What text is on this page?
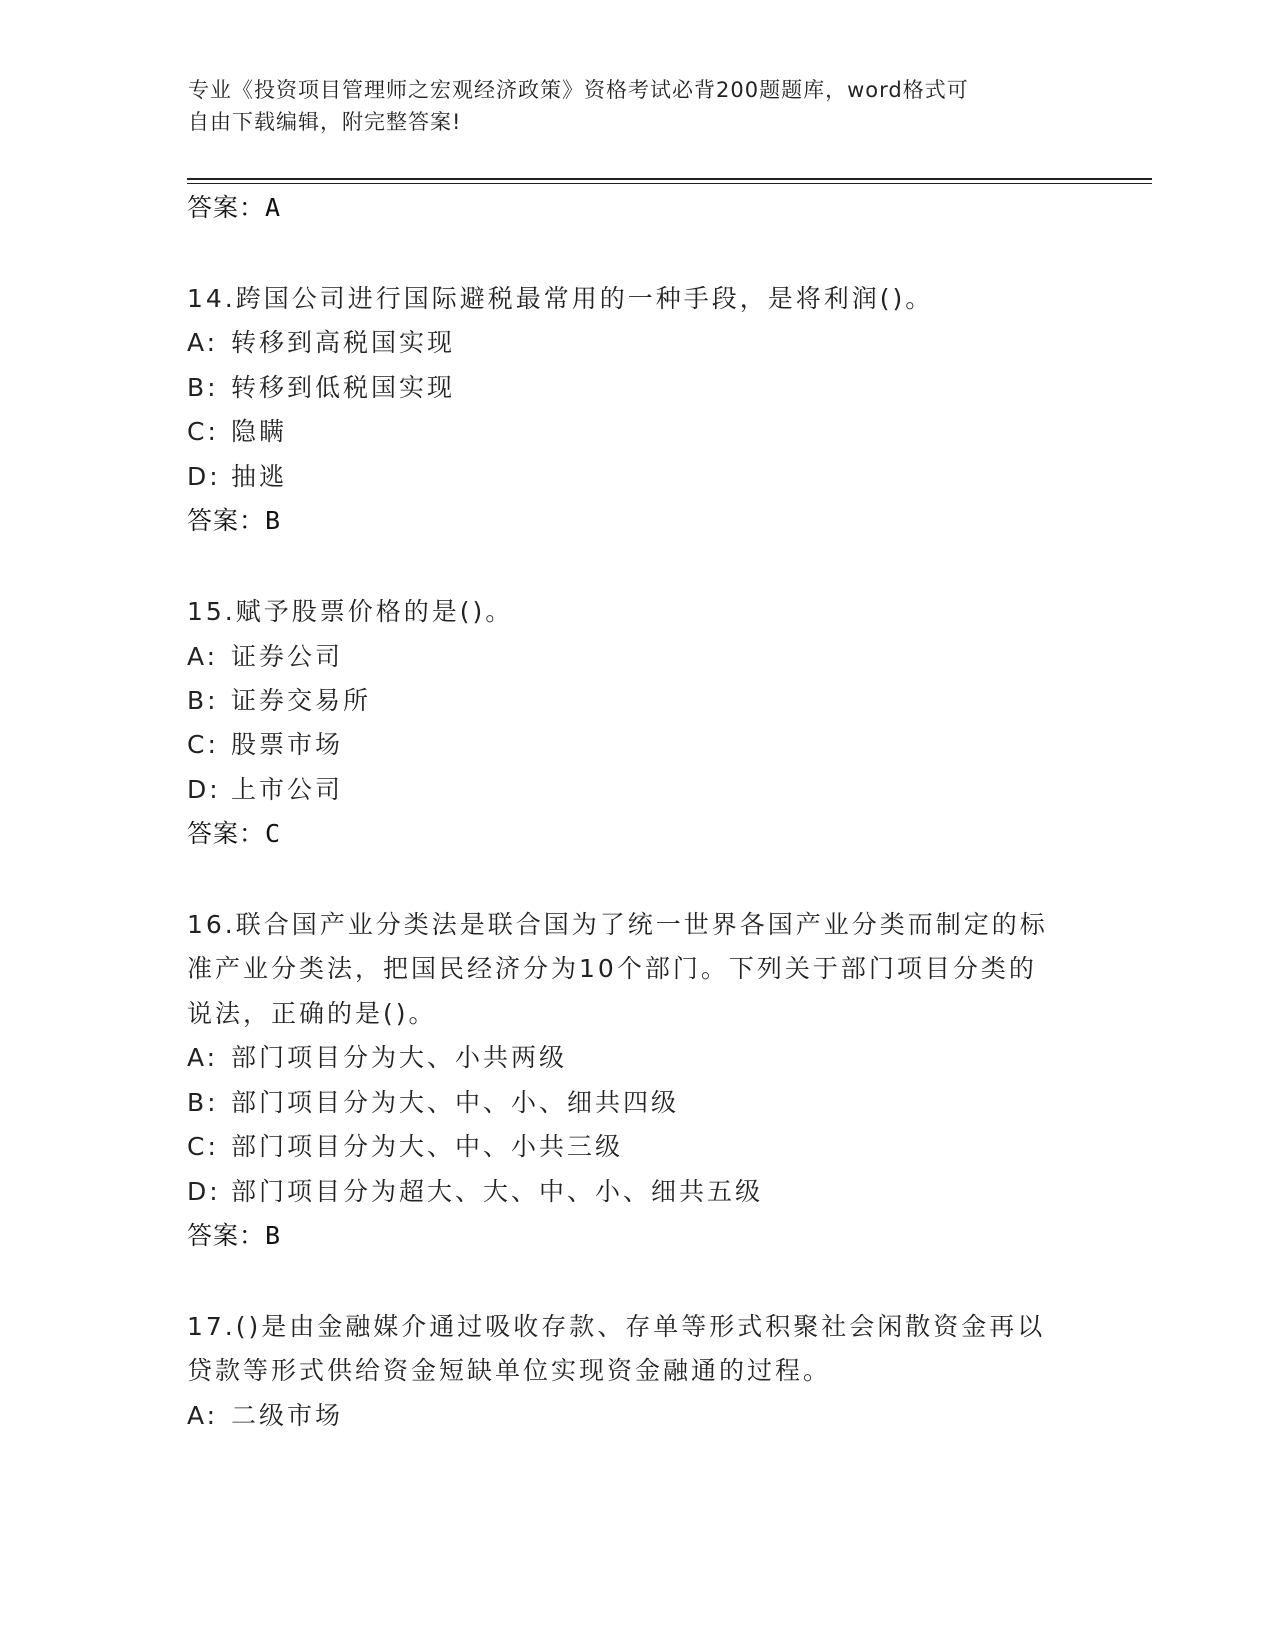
专业《投资项目管理师之宏观经济政策》资格考试必背200题题库，word格式可
自由下载编辑，附完整答案!
答案：A
14.跨国公司进行国际避税最常用的一种手段，是将利润()。
A: 转移到高税国实现
B: 转移到低税国实现
C: 隐瞒
D: 抽逃
答案：B
15.赋予股票价格的是()。
A: 证券公司
B: 证券交易所
C: 股票市场
D: 上市公司
答案：C
16.联合国产业分类法是联合国为了统一世界各国产业分类而制定的标
准产业分类法，把国民经济分为10个部门。下列关于部门项目分类的
说法，正确的是()。
A: 部门项目分为大、小共两级
B: 部门项目分为大、中、小、细共四级
C: 部门项目分为大、中、小共三级
D: 部门项目分为超大、大、中、小、细共五级
答案：B
17.()是由金融媒介通过吸收存款、存单等形式积聚社会闲散资金再以
贷款等形式供给资金短缺单位实现资金融通的过程。
A: 二级市场
